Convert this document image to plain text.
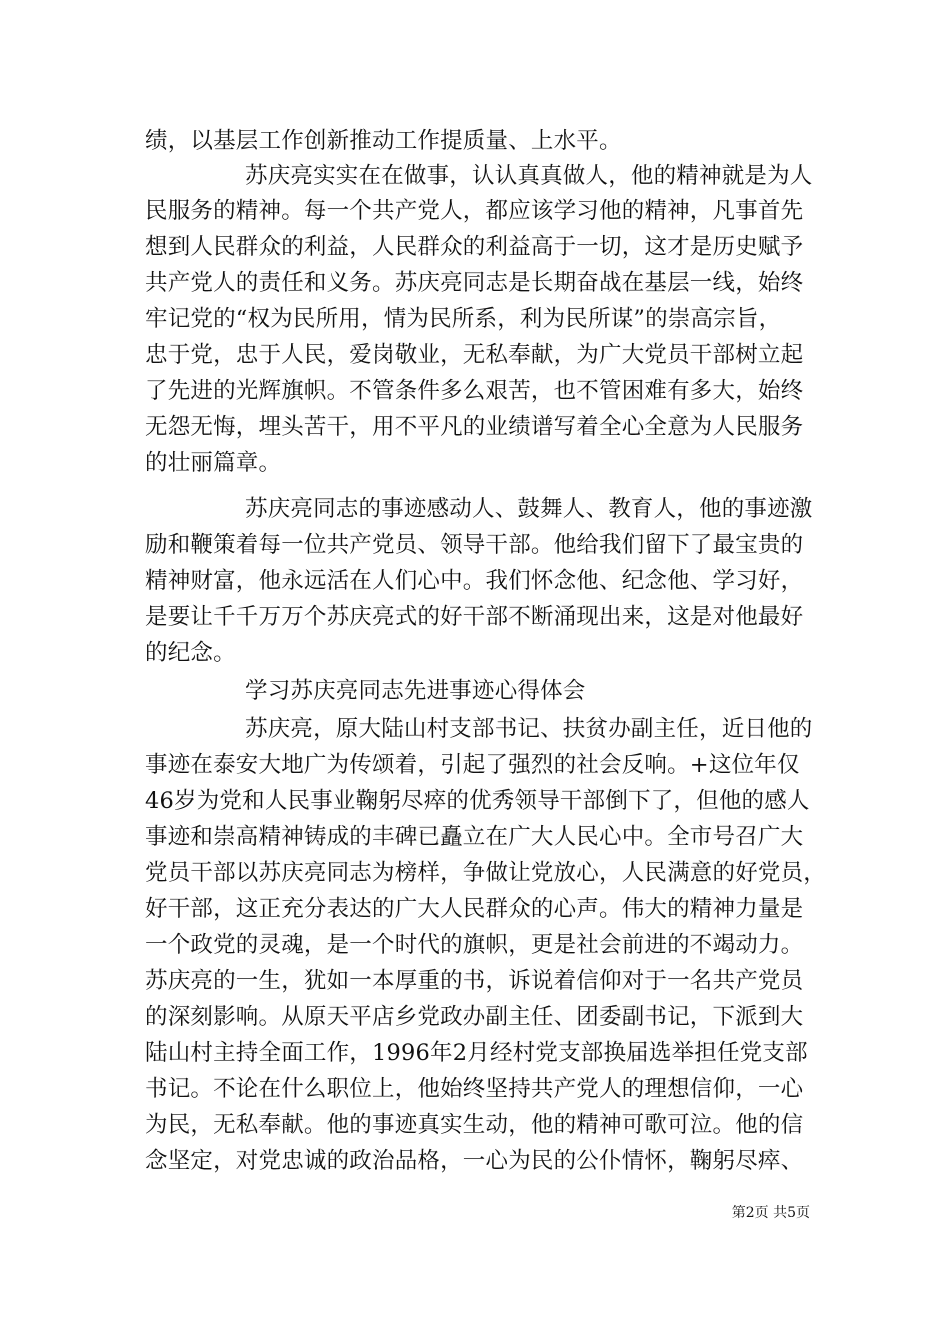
绩，以基层工作创新推动工作提质量、上水平。
苏庆亮实实在在做事，认认真真做人，他的精神就是为人
民服务的精神。每一个共产党人，都应该学习他的精神，凡事首先
想到人民群众的利益，人民群众的利益高于一切，这才是历史赋予
共产党人的责任和义务。苏庆亮同志是长期奋战在基层一线，始终
牢记党的“权为民所用，情为民所系，利为民所谋”的崇高宗旨，
忠于党，忠于人民，爱岗敬业，无私奉献，为广大党员干部树立起
了先进的光辉旗帜。不管条件多么艰苦，也不管困难有多大，始终
无怨无悔，埋头苦干，用不平凡的业绩谱写着全心全意为人民服务
的壮丽篇章。
苏庆亮同志的事迹感动人、鼓舞人、教育人，他的事迹激
励和鞭策着每一位共产党员、领导干部。他给我们留下了最宝贵的
精神财富，他永远活在人们心中。我们怀念他、纪念他、学习好，
是要让千千万万个苏庆亮式的好干部不断涌现出来，这是对他最好
的纪念。
学习苏庆亮同志先进事迹心得体会
苏庆亮，原大陆山村支部书记、扶贫办副主任，近日他的
事迹在泰安大地广为传颂着，引起了强烈的社会反响。+这位年仅
46岁为党和人民事业鞠躬尽瘁的优秀领导干部倒下了，但他的感人
事迹和崇高精神铸成的丰碑已矗立在广大人民心中。全市号召广大
党员干部以苏庆亮同志为榜样，争做让党放心，人民满意的好党员，
好干部，这正充分表达的广大人民群众的心声。伟大的精神力量是
一个政党的灵魂，是一个时代的旗帜，更是社会前进的不竭动力。
苏庆亮的一生，犹如一本厚重的书，诉说着信仰对于一名共产党员
的深刻影响。从原天平店乡党政办副主任、团委副书记，下派到大
陆山村主持全面工作，1996年2月经村党支部换届选举担任党支部
书记。不论在什么职位上，他始终坚持共产党人的理想信仰，一心
为民，无私奉献。他的事迹真实生动，他的精神可歌可泣。他的信
念坚定，对党忠诚的政治品格，一心为民的公仆情怀，鞠躬尽瘁、
第2页 共5页
